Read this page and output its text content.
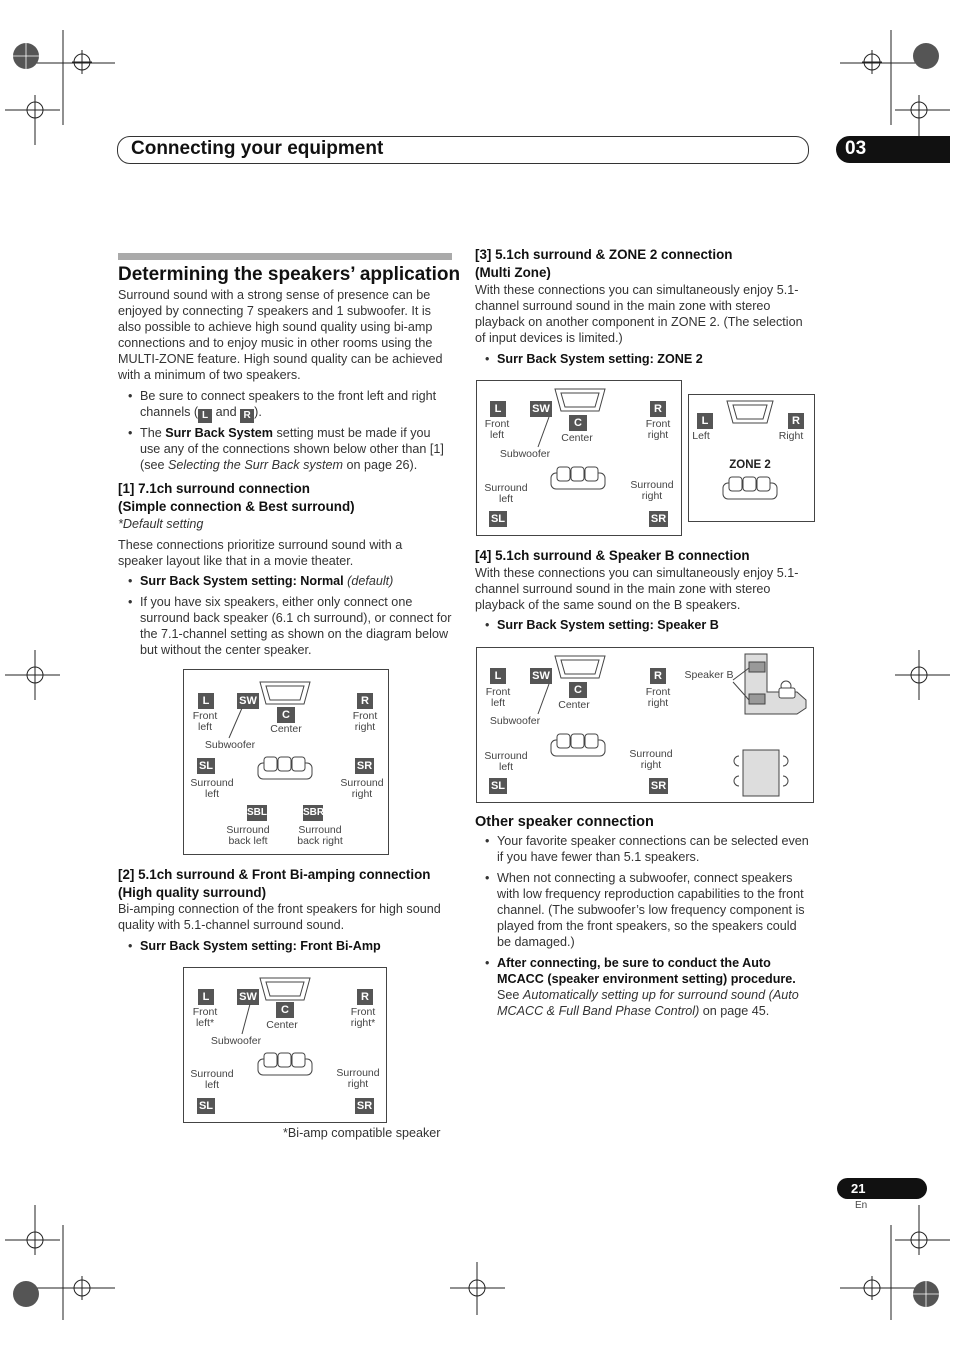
Connecting your equipment	03
Determining the speakers’ application
Surround sound with a strong sense of presence can be enjoyed by connecting 7 speakers and 1 subwoofer. It is also possible to achieve high sound quality using bi-amp connections and to enjoy music in other rooms using the MULTI-ZONE feature. High sound quality can be achieved with a minimum of two speakers.
• Be sure to connect speakers to the front left and right channels ( L and R ).
• The Surr Back System setting must be made if you use any of the connections shown below other than [1] (see Selecting the Surr Back system on page 26).
[1] 7.1ch surround connection
(Simple connection & Best surround)
*Default setting
These connections prioritize surround sound with a speaker layout like that in a movie theater.
• Surr Back System setting: Normal (default)
• If you have six speakers, either only connect one surround back speaker (6.1 ch surround), or connect for the 7.1-channel setting as shown on the diagram below but without the center speaker.
L
Front
left
SW
C
Center
Subwoofer
R
Front
right
SL
Surround
left
SR
Surround
right
SBL
Surround
back left
SBR
Surround
back right
[2] 5.1ch surround & Front Bi-amping connection
(High quality surround)
Bi-amping connection of the front speakers for high sound quality with 5.1-channel surround sound.
• Surr Back System setting: Front Bi-Amp
L
Front
left*
SW
C
Center
Subwoofer
R
Front
right*
Surround
left
Surround
right
SL	SR
*Bi-amp compatible speaker
[3] 5.1ch surround & ZONE 2 connection
(Multi Zone)
With these connections you can simultaneously enjoy 5.1-channel surround sound in the main zone with stereo playback on another component in ZONE 2. (The selection of input devices is limited.)
• Surr Back System setting: ZONE 2
L
Front
left
SW
C
Center
Subwoofer
R
Front
right
Surround
left
Surround
right
SL	SR
L
Left
R
Right
ZONE 2
[4] 5.1ch surround & Speaker B connection
With these connections you can simultaneously enjoy 5.1-channel surround sound in the main zone with stereo playback of the same sound on the B speakers.
• Surr Back System setting: Speaker B
L
Front
left
SW
C
Center
Subwoofer
R
Front
right
Surround
left
Surround
right
SL	SR
Speaker B
Other speaker connection
• Your favorite speaker connections can be selected even if you have fewer than 5.1 speakers.
• When not connecting a subwoofer, connect speakers with low frequency reproduction capabilities to the front channel. (The subwoofer’s low frequency component is played from the front speakers, so the speakers could be damaged.)
• After connecting, be sure to conduct the Auto MCACC (speaker environment setting) procedure.
See Automatically setting up for surround sound (Auto MCACC & Full Band Phase Control) on page 45.
21
En
